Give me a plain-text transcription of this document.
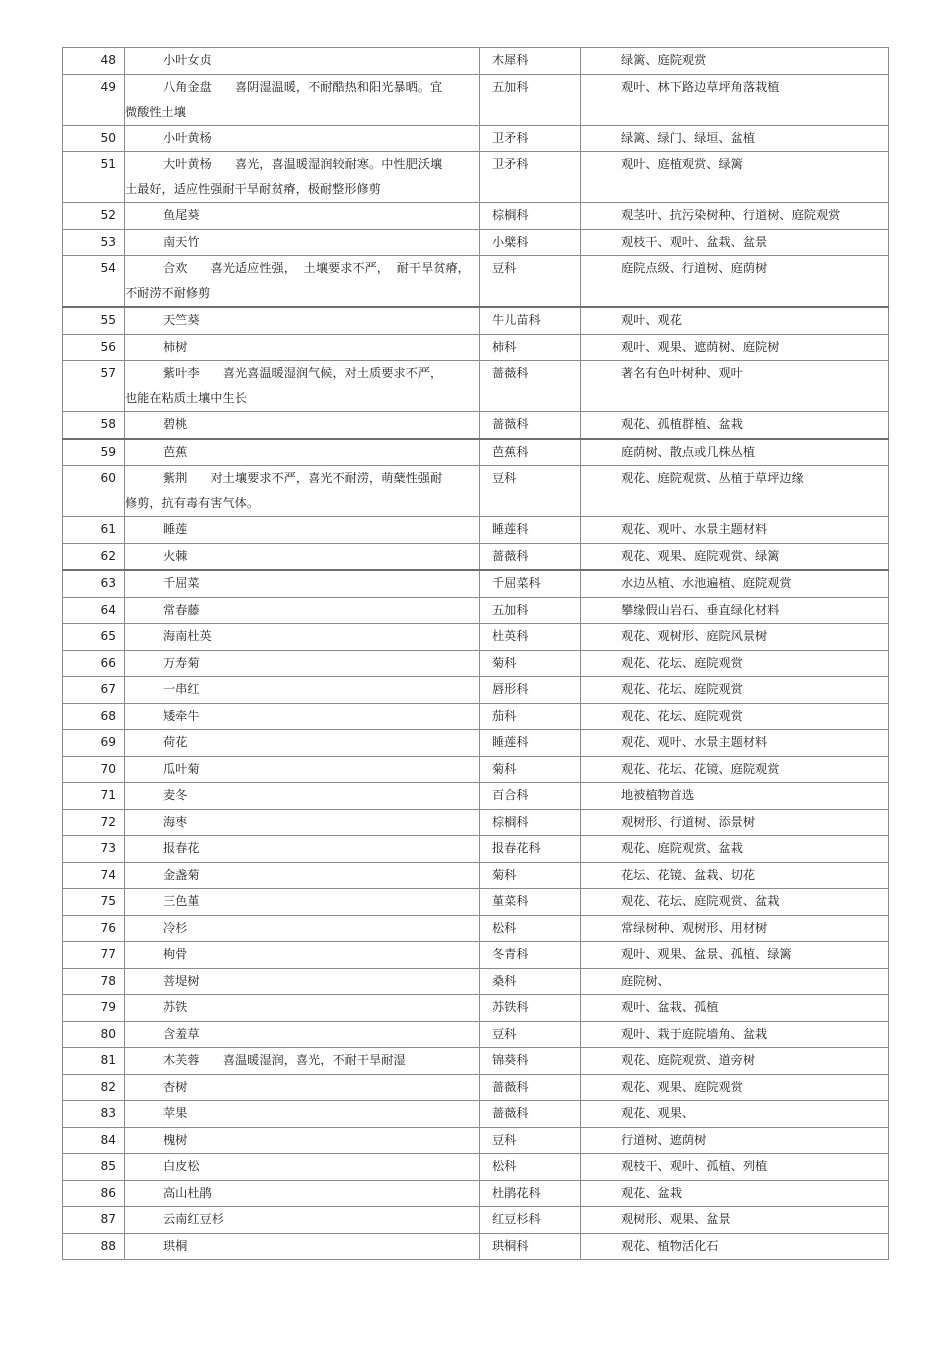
48	小叶女贞	木犀科	绿篱、庭院观赏
49	八角金盘 喜阴湿温暖，不耐酷热和阳光暴晒。宜
微酸性土壤	五加科	观叶、林下路边草坪角落栽植
50	小叶黄杨	卫矛科	绿篱、绿门、绿垣、盆植
51	大叶黄杨 喜光，喜温暖湿润较耐寒。中性肥沃壤
土最好，适应性强耐干旱耐贫瘠，极耐整形修剪	卫矛科	观叶、庭植观赏、绿篱
52	鱼尾葵	棕榈科	观茎叶、抗污染树种、行道树、庭院观赏
53	南天竹	小檗科	观枝干、观叶、盆栽、盆景
54	合欢 喜光适应性强，  土壤要求不严，  耐干旱贫瘠，
不耐涝不耐修剪	豆科	庭院点级、行道树、庭荫树
55	天竺葵	牛儿苗科	观叶、观花
56	柿树	柿科	观叶、观果、遮荫树、庭院树
57	紫叶李 喜光喜温暖湿润气候，对土质要求不严，
也能在粘质土壤中生长	蔷薇科	著名有色叶树种、观叶
58	碧桃	蔷薇科	观花、孤植群植、盆栽
59	芭蕉	芭蕉科	庭荫树、散点或几株丛植
60	紫荆 对土壤要求不严，喜光不耐涝，萌蘖性强耐
修剪，抗有毒有害气体。	豆科	观花、庭院观赏、丛植于草坪边缘
61	睡莲	睡莲科	观花、观叶、水景主题材料
62	火棘	蔷薇科	观花、观果、庭院观赏、绿篱
63	千屈菜	千屈菜科	水边丛植、水池遍植、庭院观赏
64	常春藤	五加科	攀缘假山岩石、垂直绿化材料
65	海南杜英	杜英科	观花、观树形、庭院风景树
66	万寿菊	菊科	观花、花坛、庭院观赏
67	一串红	唇形科	观花、花坛、庭院观赏
68	矮牵牛	茄科	观花、花坛、庭院观赏
69	荷花	睡莲科	观花、观叶、水景主题材料
70	瓜叶菊	菊科	观花、花坛、花镜、庭院观赏
71	麦冬	百合科	地被植物首选
72	海枣	棕榈科	观树形、行道树、添景树
73	报春花	报春花科	观花、庭院观赏、盆栽
74	金盏菊	菊科	花坛、花镜、盆栽、切花
75	三色堇	堇菜科	观花、花坛、庭院观赏、盆栽
76	冷杉	松科	常绿树种、观树形、用材树
77	枸骨	冬青科	观叶、观果、盆景、孤植、绿篱
78	菩堤树	桑科	庭院树、
79	苏铁	苏铁科	观叶、盆栽、孤植
80	含羞草	豆科	观叶、栽于庭院墙角、盆栽
81	木芙蓉 喜温暖湿润，喜光，不耐干旱耐湿	锦葵科	观花、庭院观赏、道旁树
82	杏树	蔷薇科	观花、观果、庭院观赏
83	苹果	蔷薇科	观花、观果、
84	槐树	豆科	行道树、遮荫树
85	白皮松	松科	观枝干、观叶、孤植、列植
86	高山杜鹃	杜鹃花科	观花、盆栽
87	云南红豆杉	红豆杉科	观树形、观果、盆景
88	珙桐	珙桐科	观花、植物活化石
